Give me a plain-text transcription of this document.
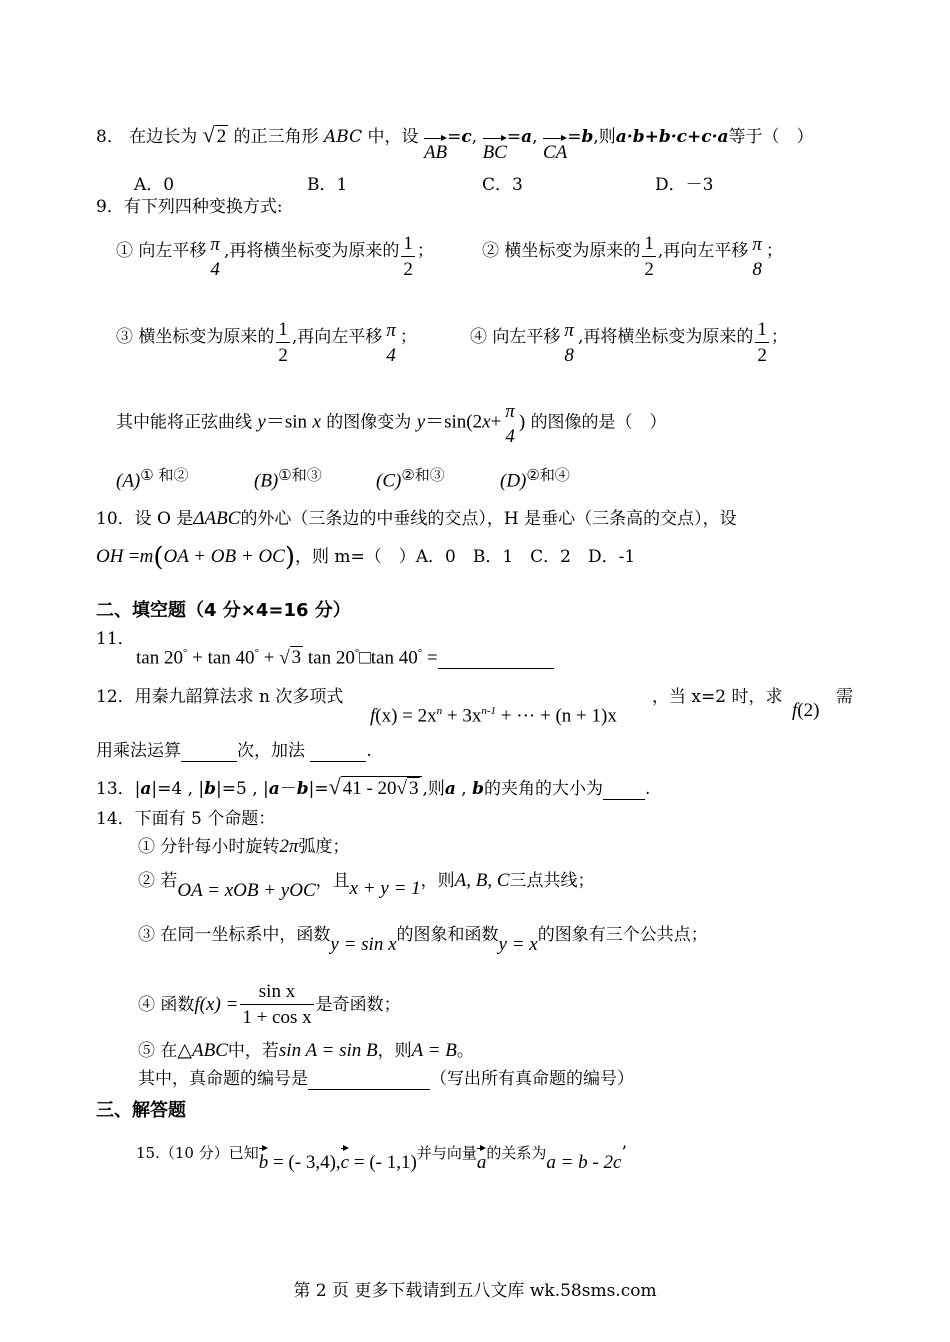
8． 在边长为 √ 2 的正三角形 ABC 中，设 AB=c, BC=a, CA=b,则a·b+b·c+c·a等于（　）
A．0	B．1	C．3	D．－3
9．有下列四种变换方式:
① 向左平移 π
4
,再将横坐标变为原来的 $\frac{1}{2}$ ；	② 横坐标变为原来的 $\frac{1}{2}$ ,再向左平移 π
8
；
③ 横坐标变为原来的 $\frac{1}{2}$ ,再向左平移 π
4
；	④ 向左平移 π
8
,再将横坐标变为原来的 $\frac{1}{2}$ ；
其中能将正弦曲线 y＝sin x 的图像变为 y＝sin(2x+ π
4
) 的图像的是（　）
$(A)^{① 和②}$	$(B)^{①和③}$	$(C)^{②和③}$	$(D)^{②和④}$
10．设 O 是ΔABC的外心（三条边的中垂线的交点），H 是垂心（三条高的交点），设
OH =m(OA + OB + OC)，则 m=（　）A．0　B．1　C．2　D．-1
二、填空题（4 分×4=16 分）
11．
tan 20° + tan 40° + √ 3 tan 20°□tan 40° =
12．用秦九韶算法求 n 次多项式
$f(x) = 2x^n + 3x^{n-1}$ + ··· + (n + 1)x
，当 x=2 时，求
f(2)
需
用乘法运算	次，加法	.
13．|a|=4 , |b|=5 , |a－b|=√ 41 - 20√ 3 ,则a , b的夹角的大小为 .
14．下面有 5 个命题：
① 分针每小时旋转2π弧度；
② 若OA = xOB + yOC，且x + y = 1，则A, B, C三点共线；
③ 在同一坐标系中，函数y = sin x的图象和函数y = x的图象有三个公共点；
④ 函数$f(x) = \frac{\text{sin x}}{\text{1 + cos x}}$ 是奇函数；
⑤ 在△ABC中，若sin A = sin B，则A = B。
其中，真命题的编号是	（写出所有真命题的编号）
三、解答题
15.（10 分）已知b = (- 3,4),c = (- 1,1)并与向量a的关系为a = b - 2c’
第 2 页 更多下载请到五八文库 wk.58sms.com
